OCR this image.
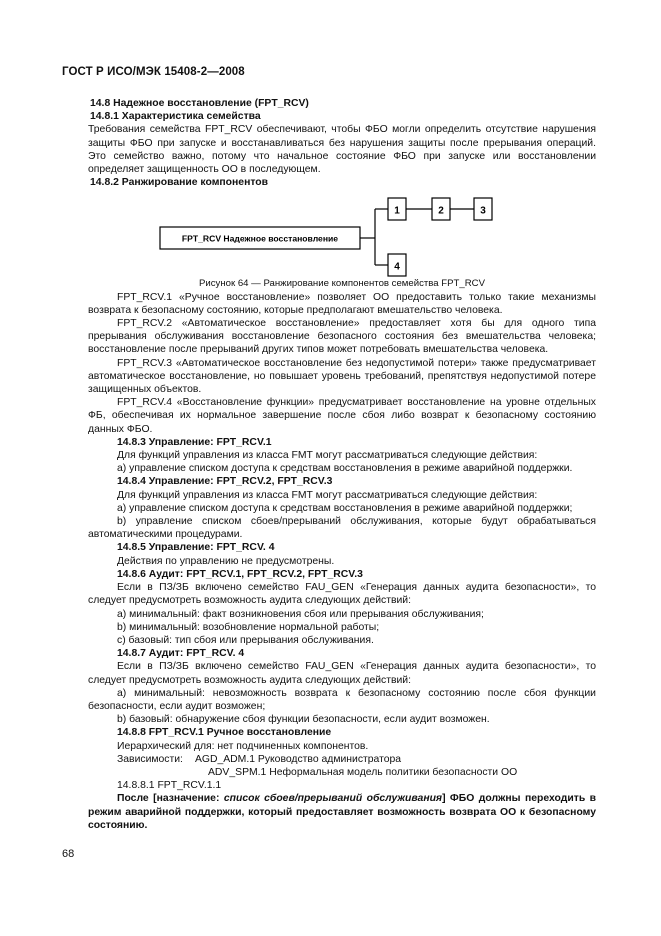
ГОСТ Р ИСО/МЭК 15408-2—2008

14.8 Надежное восстановление (FPT_RCV)

14.8.1 Характеристика семейства

Требования семейства FPT_RCV обеспечивают, чтобы ФБО могли определить отсутствие нарушения защиты ФБО при запуске и восстанавливаться без нарушения защиты после прерывания операций. Это семейство важно, потому что начальное состояние ФБО при запуске или восстановлении определяет защищенность ОО в последующем.

14.8.2 Ранжирование компонентов

FPT_RCV Надежное восстановление
1	2	3
4

Рисунок 64 — Ранжирование компонентов семейства FPT_RCV

FPT_RCV.1 «Ручное восстановление» позволяет ОО предоставить только такие механизмы возврата к безопасному состоянию, которые предполагают вмешательство человека.

FPT_RCV.2 «Автоматическое восстановление» предоставляет хотя бы для одного типа прерывания обслуживания восстановление безопасного состояния без вмешательства человека; восстановление после прерываний других типов может потребовать вмешательства человека.

FPT_RCV.3 «Автоматическое восстановление без недопустимой потери» также предусматривает автоматическое восстановление, но повышает уровень требований, препятствуя недопустимой потере защищенных объектов.

FPT_RCV.4 «Восстановление функции» предусматривает восстановление на уровне отдельных ФБ, обеспечивая их нормальное завершение после сбоя либо возврат к безопасному состоянию данных ФБО.

14.8.3 Управление: FPT_RCV.1

Для функций управления из класса FMT могут рассматриваться следующие действия:

a) управление списком доступа к средствам восстановления в режиме аварийной поддержки.

14.8.4 Управление: FPT_RCV.2, FPT_RCV.3

Для функций управления из класса FMT могут рассматриваться следующие действия:

a) управление списком доступа к средствам восстановления в режиме аварийной поддержки;

b) управление списком сбоев/прерываний обслуживания, которые будут обрабатываться автоматическими процедурами.

14.8.5 Управление: FPT_RCV. 4

Действия по управлению не предусмотрены.

14.8.6 Аудит: FPT_RCV.1, FPT_RCV.2, FPT_RCV.3

Если в ПЗ/ЗБ включено семейство FAU_GEN «Генерация данных аудита безопасности», то следует предусмотреть возможность аудита следующих действий:

a) минимальный: факт возникновения сбоя или прерывания обслуживания;

b) минимальный: возобновление нормальной работы;

c) базовый: тип сбоя или прерывания обслуживания.

14.8.7 Аудит: FPT_RCV. 4

Если в ПЗ/ЗБ включено семейство FAU_GEN «Генерация данных аудита безопасности», то следует предусмотреть возможность аудита следующих действий:

a) минимальный: невозможность возврата к безопасному состоянию после сбоя функции безопасности, если аудит возможен;

b) базовый: обнаружение сбоя функции безопасности, если аудит возможен.

14.8.8 FPT_RCV.1 Ручное восстановление

Иерархический для: нет подчиненных компонентов.

Зависимости: AGD_ADM.1 Руководство администратора

ADV_SPM.1 Неформальная модель политики безопасности ОО

14.8.8.1 FPT_RCV.1.1

После [назначение: список сбоев/прерываний обслуживания] ФБО должны переходить в режим аварийной поддержки, который предоставляет возможность возврата ОО к безопасному состоянию.

68
